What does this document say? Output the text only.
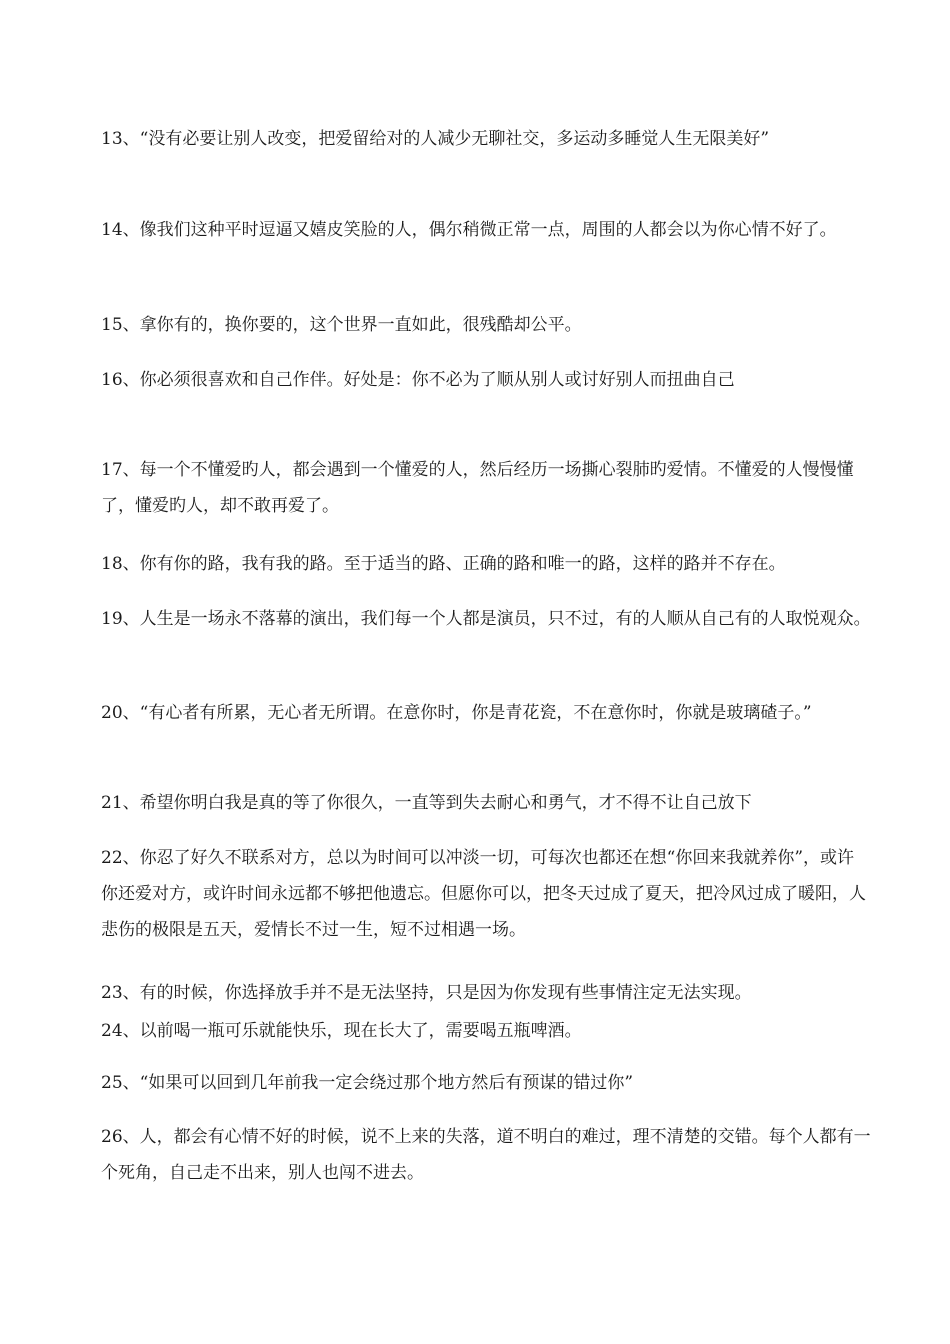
13、“没有必要让别人改变，把爱留给对的人减少无聊社交，多运动多睡觉人生无限美好”

14、像我们这种平时逗逼又嬉皮笑脸的人，偶尔稍微正常一点，周围的人都会以为你心情不好了。

15、拿你有的，换你要的，这个世界一直如此，很残酷却公平。

16、你必须很喜欢和自己作伴。好处是：你不必为了顺从别人或讨好别人而扭曲自己

17、每一个不懂爱旳人，都会遇到一个懂爱的人，然后经历一场撕心裂肺旳爱情。不懂爱的人慢慢懂了，懂爱旳人，却不敢再爱了。

18、你有你的路，我有我的路。至于适当的路、正确的路和唯一的路，这样的路并不存在。

19、人生是一场永不落幕的演出，我们每一个人都是演员，只不过，有的人顺从自己有的人取悦观众。

20、“有心者有所累，无心者无所谓。在意你时，你是青花瓷，不在意你时，你就是玻璃碴子。”

21、希望你明白我是真的等了你很久，一直等到失去耐心和勇气，才不得不让自己放下

22、你忍了好久不联系对方，总以为时间可以冲淡一切，可每次也都还在想“你回来我就养你”，或许你还爱对方，或许时间永远都不够把他遗忘。但愿你可以，把冬天过成了夏天，把冷风过成了暖阳，人悲伤的极限是五天，爱情长不过一生，短不过相遇一场。

23、有的时候，你选择放手并不是无法坚持，只是因为你发现有些事情注定无法实现。

24、以前喝一瓶可乐就能快乐，现在长大了，需要喝五瓶啤酒。

25、“如果可以回到几年前我一定会绕过那个地方然后有预谋的错过你”

26、人，都会有心情不好的时候，说不上来的失落，道不明白的难过，理不清楚的交错。每个人都有一个死角，自己走不出来，别人也闯不进去。
